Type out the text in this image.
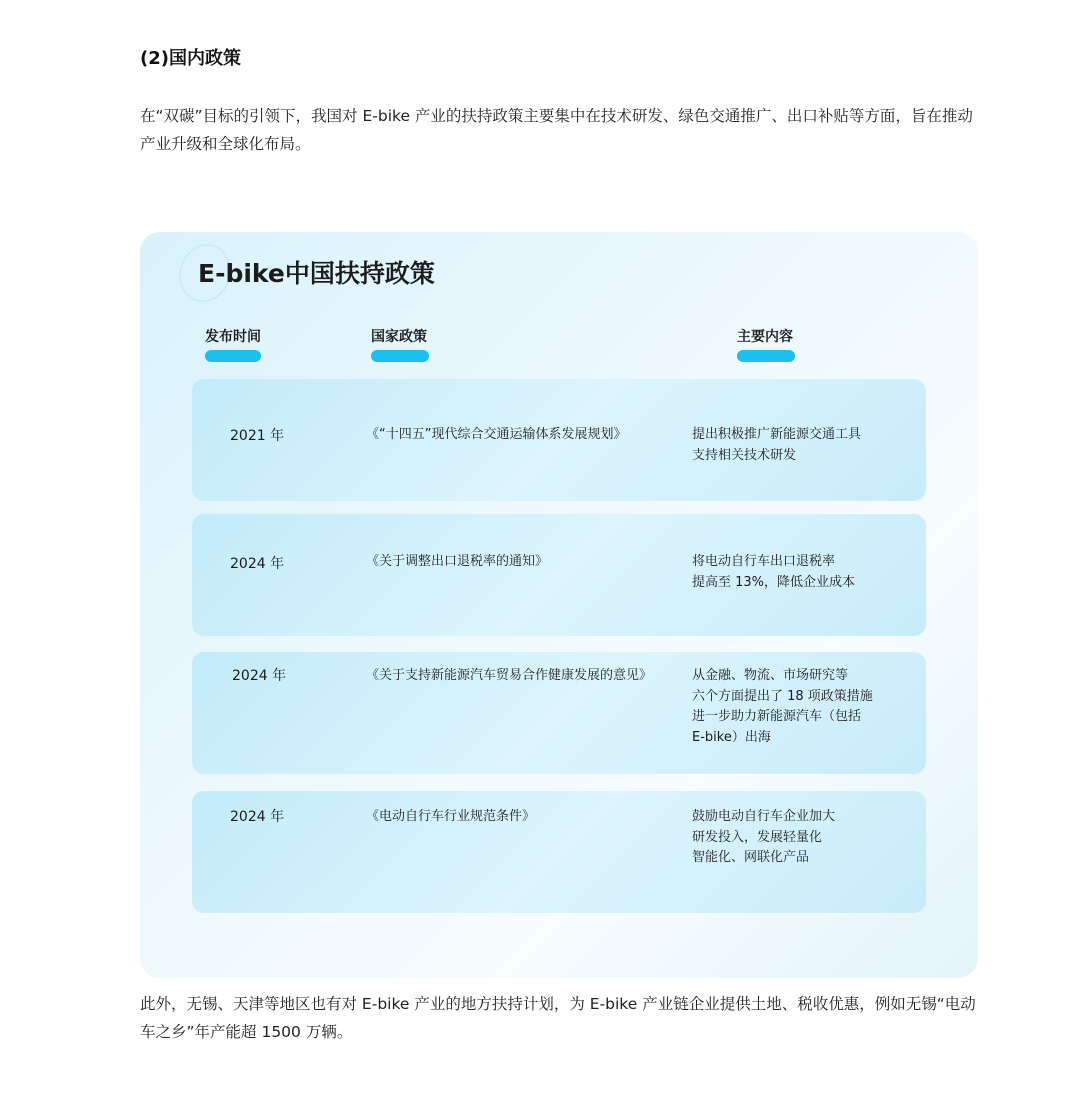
(2)国内政策

在“双碳”目标的引领下，我国对 E-bike 产业的扶持政策主要集中在技术研发、绿色交通推广、出口补贴等方面，旨在推动产业升级和全球化布局。

E-bike中国扶持政策
发布时间	国家政策	主要内容
2021 年	《“十四五”现代综合交通运输体系发展规划》	提出积极推广新能源交通工具
支持相关技术研发
2024 年	《关于调整出口退税率的通知》	将电动自行车出口退税率
提高至 13%，降低企业成本
2024 年	《关于支持新能源汽车贸易合作健康发展的意见》	从金融、物流、市场研究等
六个方面提出了 18 项政策措施
进一步助力新能源汽车（包括
E-bike）出海
2024 年	《电动自行车行业规范条件》	鼓励电动自行车企业加大
研发投入，发展轻量化
智能化、网联化产品

此外，无锡、天津等地区也有对 E-bike 产业的地方扶持计划，为 E-bike 产业链企业提供土地、税收优惠，例如无锡“电动车之乡”年产能超 1500 万辆。
